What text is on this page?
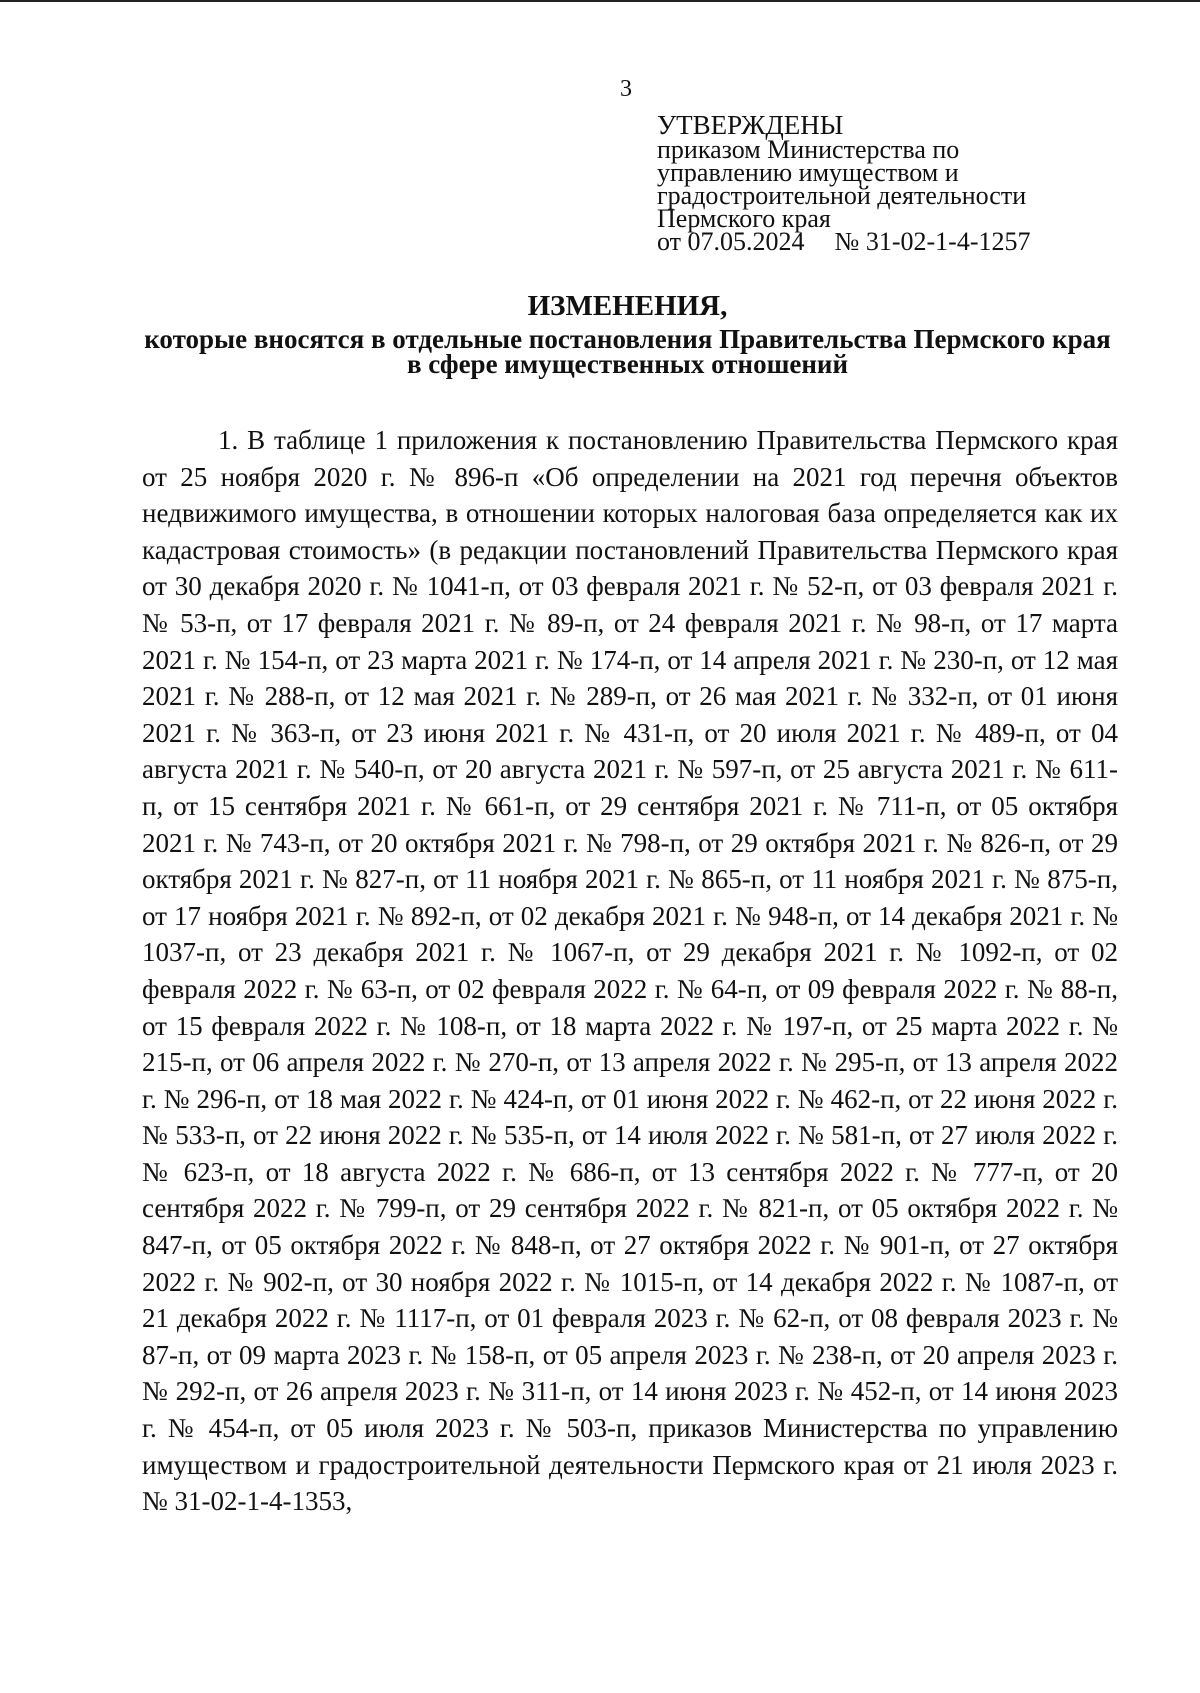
3
УТВЕРЖДЕНЫ
приказом Министерства по
управлению имуществом и
градостроительной деятельности
Пермского края
от 07.05.2024 № 31-02-1-4-1257
ИЗМЕНЕНИЯ,
которые вносятся в отдельные постановления Правительства Пермского края в сфере имущественных отношений

1. В таблице 1 приложения к постановлению Правительства Пермского края от 25 ноября 2020 г. № 896-п «Об определении на 2021 год перечня объектов недвижимого имущества, в отношении которых налоговая база определяется как их кадастровая стоимость» (в редакции постановлений Правительства Пермского края от 30 декабря 2020 г. № 1041-п, от 03 февраля 2021 г. № 52-п, от 03 февраля 2021 г. № 53-п, от 17 февраля 2021 г. № 89-п, от 24 февраля 2021 г. № 98-п, от 17 марта 2021 г. № 154-п, от 23 марта 2021 г. № 174-п, от 14 апреля 2021 г. № 230-п, от 12 мая 2021 г. № 288-п, от 12 мая 2021 г. № 289-п, от 26 мая 2021 г. № 332-п, от 01 июня 2021 г. № 363-п, от 23 июня 2021 г. № 431-п, от 20 июля 2021 г. № 489-п, от 04 августа 2021 г. № 540-п, от 20 августа 2021 г. № 597-п, от 25 августа 2021 г. № 611-п, от 15 сентября 2021 г. № 661-п, от 29 сентября 2021 г. № 711-п, от 05 октября 2021 г. № 743-п, от 20 октября 2021 г. № 798-п, от 29 октября 2021 г. № 826-п, от 29 октября 2021 г. № 827-п, от 11 ноября 2021 г. № 865-п, от 11 ноября 2021 г. № 875-п, от 17 ноября 2021 г. № 892-п, от 02 декабря 2021 г. № 948-п, от 14 декабря 2021 г. № 1037-п, от 23 декабря 2021 г. № 1067-п, от 29 декабря 2021 г. № 1092-п, от 02 февраля 2022 г. № 63-п, от 02 февраля 2022 г. № 64-п, от 09 февраля 2022 г. № 88-п, от 15 февраля 2022 г. № 108-п, от 18 марта 2022 г. № 197-п, от 25 марта 2022 г. № 215-п, от 06 апреля 2022 г. № 270-п, от 13 апреля 2022 г. № 295-п, от 13 апреля 2022 г. № 296-п, от 18 мая 2022 г. № 424-п, от 01 июня 2022 г. № 462-п, от 22 июня 2022 г. № 533-п, от 22 июня 2022 г. № 535-п, от 14 июля 2022 г. № 581-п, от 27 июля 2022 г. № 623-п, от 18 августа 2022 г. № 686-п, от 13 сентября 2022 г. № 777-п, от 20 сентября 2022 г. № 799-п, от 29 сентября 2022 г. № 821-п, от 05 октября 2022 г. № 847-п, от 05 октября 2022 г. № 848-п, от 27 октября 2022 г. № 901-п, от 27 октября 2022 г. № 902-п, от 30 ноября 2022 г. № 1015-п, от 14 декабря 2022 г. № 1087-п, от 21 декабря 2022 г. № 1117-п, от 01 февраля 2023 г. № 62-п, от 08 февраля 2023 г. № 87-п, от 09 марта 2023 г. № 158-п, от 05 апреля 2023 г. № 238-п, от 20 апреля 2023 г. № 292-п, от 26 апреля 2023 г. № 311-п, от 14 июня 2023 г. № 452-п, от 14 июня 2023 г. № 454-п, от 05 июля 2023 г. № 503-п, приказов Министерства по управлению имуществом и градостроительной деятельности Пермского края от 21 июля 2023 г. № 31-02-1-4-1353,
